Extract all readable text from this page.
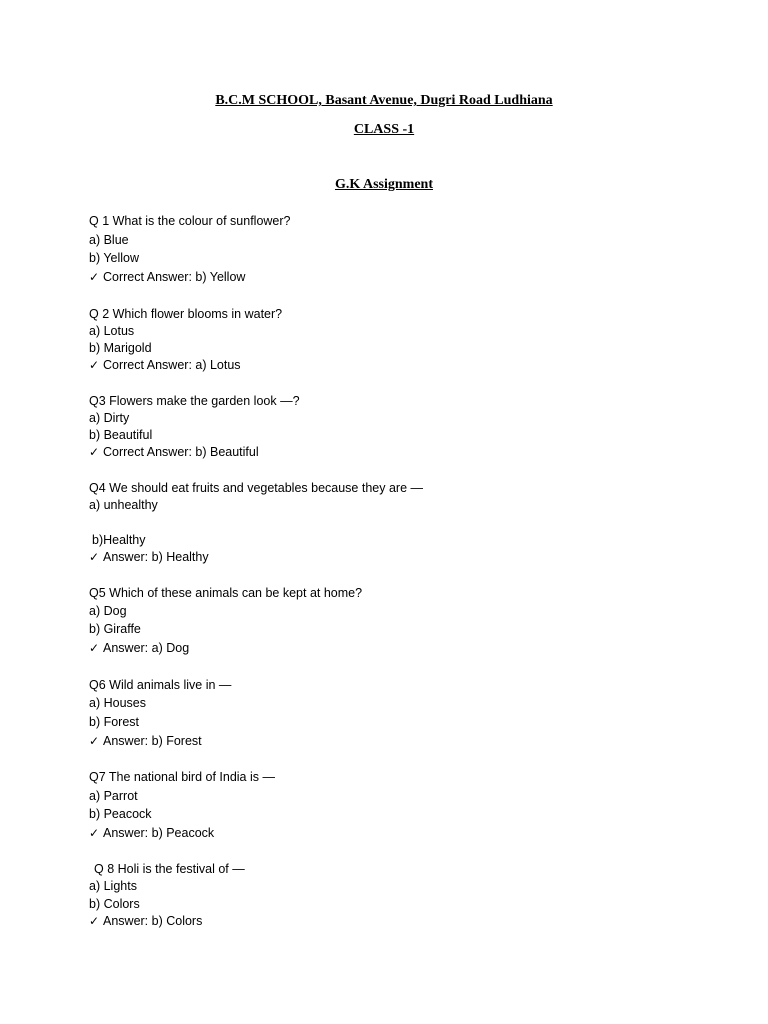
B.C.M SCHOOL, Basant Avenue, Dugri Road Ludhiana

CLASS -1

G.K Assignment

Q 1 What is the colour of sunflower?

a) Blue

b) Yellow

✓ Correct Answer: b) Yellow

Q 2 Which flower blooms in water?

a) Lotus

b) Marigold

✓ Correct Answer: a) Lotus

Q3 Flowers make the garden look —?

a) Dirty

b) Beautiful

✓ Correct Answer: b) Beautiful

Q4 We should eat fruits and vegetables because they are —

a) unhealthy

b)Healthy

✓ Answer: b) Healthy

Q5 Which of these animals can be kept at home?

a) Dog

b) Giraffe

✓ Answer: a) Dog

Q6 Wild animals live in —

a) Houses

b) Forest

✓ Answer: b) Forest

Q7 The national bird of India is —

a) Parrot

b) Peacock

✓ Answer: b) Peacock

Q 8 Holi is the festival of —

a) Lights

b) Colors

✓ Answer: b) Colors
